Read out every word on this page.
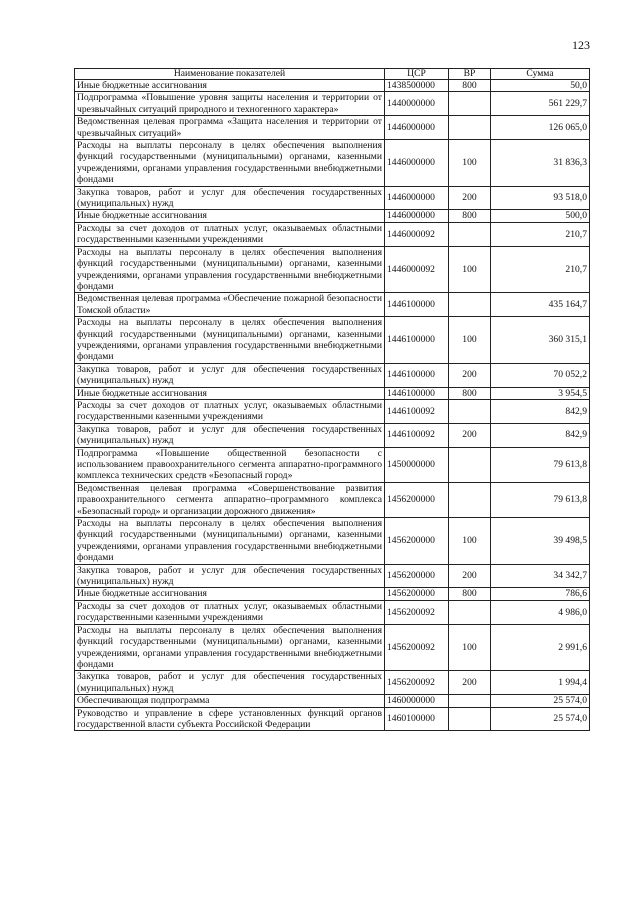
123
Наименование показателей	ЦСР	ВР	Сумма
Иные бюджетные ассигнования	1438500000	800	50,0
Подпрограмма «Повышение уровня защиты населения и территории от чрезвычайных ситуаций природного и техногенного характера»	1440000000		561 229,7
Ведомственная целевая программа «Защита населения и территории от чрезвычайных ситуаций»	1446000000		126 065,0
Расходы на выплаты персоналу в целях обеспечения выполнения функций государственными (муниципальными) органами, казенными учреждениями, органами управления государственными внебюджетными фондами	1446000000	100	31 836,3
Закупка товаров, работ и услуг для обеспечения государственных (муниципальных) нужд	1446000000	200	93 518,0
Иные бюджетные ассигнования	1446000000	800	500,0
Расходы за счет доходов от платных услуг, оказываемых областными государственными казенными учреждениями	1446000092		210,7
Расходы на выплаты персоналу в целях обеспечения выполнения функций государственными (муниципальными) органами, казенными учреждениями, органами управления государственными внебюджетными фондами	1446000092	100	210,7
Ведомственная целевая программа «Обеспечение пожарной безопасности Томской области»	1446100000		435 164,7
Расходы на выплаты персоналу в целях обеспечения выполнения функций государственными (муниципальными) органами, казенными учреждениями, органами управления государственными внебюджетными фондами	1446100000	100	360 315,1
Закупка товаров, работ и услуг для обеспечения государственных (муниципальных) нужд	1446100000	200	70 052,2
Иные бюджетные ассигнования	1446100000	800	3 954,5
Расходы за счет доходов от платных услуг, оказываемых областными государственными казенными учреждениями	1446100092		842,9
Закупка товаров, работ и услуг для обеспечения государственных (муниципальных) нужд	1446100092	200	842,9
Подпрограмма «Повышение общественной безопасности с использованием правоохранительного сегмента аппаратно-программного комплекса технических средств «Безопасный город»	1450000000		79 613,8
Ведомственная целевая программа «Совершенствование развития правоохранительного сегмента аппаратно–программного комплекса «Безопасный город» и организации дорожного движения»	1456200000		79 613,8
Расходы на выплаты персоналу в целях обеспечения выполнения функций государственными (муниципальными) органами, казенными учреждениями, органами управления государственными внебюджетными фондами	1456200000	100	39 498,5
Закупка товаров, работ и услуг для обеспечения государственных (муниципальных) нужд	1456200000	200	34 342,7
Иные бюджетные ассигнования	1456200000	800	786,6
Расходы за счет доходов от платных услуг, оказываемых областными государственными казенными учреждениями	1456200092		4 986,0
Расходы на выплаты персоналу в целях обеспечения выполнения функций государственными (муниципальными) органами, казенными учреждениями, органами управления государственными внебюджетными фондами	1456200092	100	2 991,6
Закупка товаров, работ и услуг для обеспечения государственных (муниципальных) нужд	1456200092	200	1 994,4
Обеспечивающая подпрограмма	1460000000		25 574,0
Руководство и управление в сфере установленных функций органов государственной власти субъекта Российской Федерации	1460100000		25 574,0
